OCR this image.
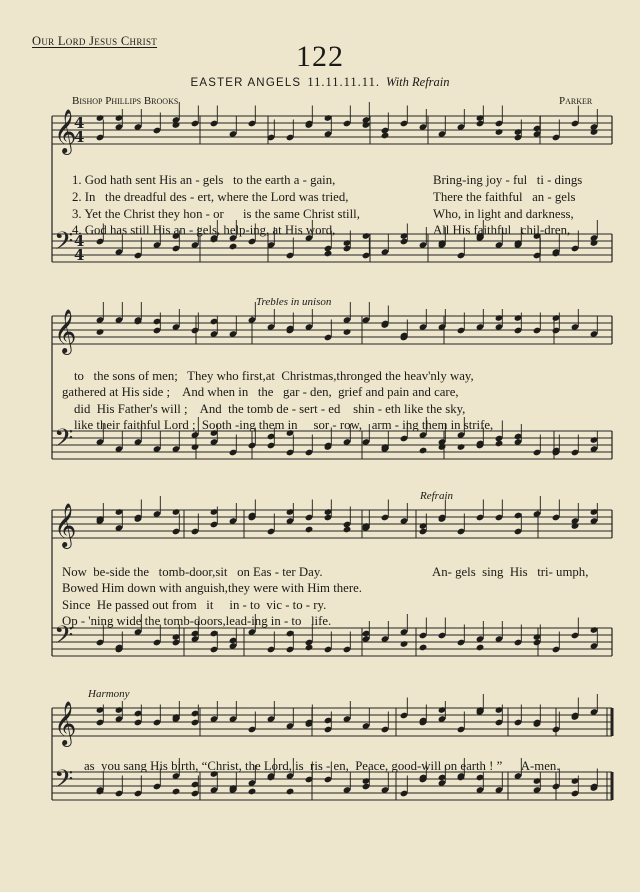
Our Lord Jesus Christ	122
EASTER ANGELS 11.11.11.11. With Refrain
Bishop Phillips Brooks	Parker
𝄞
𝄢
4
4
4
4
𝄞
𝄢
𝄞
𝄢
𝄞
𝄢
Trebles in unison
Refrain
Harmony
1. God hath sent His an - gels   to the earth a - gain,	Bring-ing joy - ful   ti - dings
2. In   the dreadful des - ert, where the Lord was tried,	There the faithful   an - gels
3. Yet the Christ they hon - or      is the same Christ still,	Who, in light and darkness,
4. God has still His an - gels, help-ing, at His word,	All His faithful   chil-dren,
to   the sons of men;   They who first,at  Christmas,thronged the heav'nly way,
gathered at His side ;    And when in   the   gar - den,  grief and pain and care,
did  His Father's will ;    And  the tomb de - sert - ed    shin - eth like the sky,
like their faithful Lord ;  Sooth -ing them in     sor - row,   arm - ing them in strife,
Now  be-side the   tomb-door,sit   on Eas - ter Day.	An- gels  sing  His   tri- umph,
Bowed Him down with anguish,they were with Him there.
Since  He passed out from   it     in - to  vic - to - ry.
Op - 'ning wide the tomb-doors,lead-ing in - to   life.
as  you sang His birth, “Christ, the Lord, is  ris - en,  Peace, good-will on earth ! ”      A-men.
